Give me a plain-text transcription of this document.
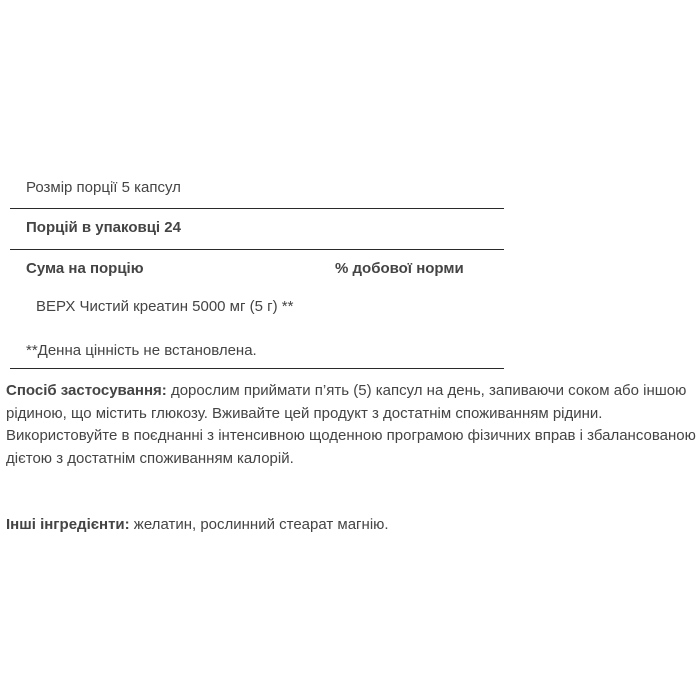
Розмір порції 5 капсул
Порцій в упаковці 24
Сума на порцію	% добової норми
ВЕРХ Чистий креатин 5000 мг (5 г) **
**Денна цінність не встановлена.
Спосіб застосування: дорослим приймати п’ять (5) капсул на день, запиваючи соком або іншою рідиною, що містить глюкозу. Вживайте цей продукт з достатнім споживанням рідини. Використовуйте в поєднанні з інтенсивною щоденною програмою фізичних вправ і збалансованою дієтою з достатнім споживанням калорій.
Інші інгредієнти: желатин, рослинний стеарат магнію.
